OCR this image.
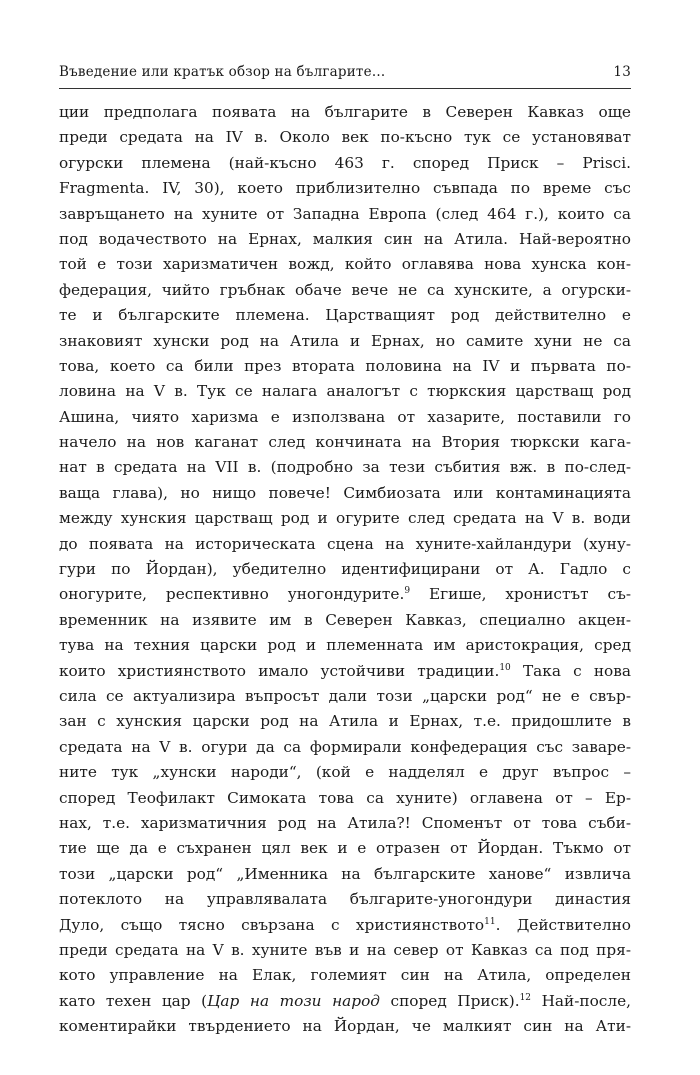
Въведение или кратък обзор на българите…	13
ции предполага появата на българите в Северен Кавказ още
преди средата на IV в. Около век по-късно тук се установяват
огурски племена (най-късно 463 г. според Приск – Prisci.
Fragmenta. IV, 30), което приблизително съвпада по време със
завръщането на хуните от Западна Европа (след 464 г.), които са
под водачеството на Ернах, малкия син на Атила. Най-вероятно
той е този харизматичен вожд, който оглавява нова хунска кон-
федерация, чийто гръбнак обаче вече не са хунските, а огурски-
те и българските племена. Царстващият род действително е
знаковият хунски род на Атила и Ернах, но самите хуни не са
това, което са били през втората половина на IV и първата по-
ловина на V в. Тук се налага аналогът с тюркския царстващ род
Ашина, чиято харизма е използвана от хазарите, поставили го
начело на нов каганат след кончината на Втория тюркски кага-
нат в средата на VII в. (подробно за тези събития вж. в по-след-
ваща глава), но нищо повече! Симбиозата или контаминацията
между хунския царстващ род и огурите след средата на V в. води
до появата на историческата сцена на хуните-хайландури (хуну-
гури по Йордан), убедително идентифицирани от А. Гадло с
оногурите, респективно уногондурите.$^9$ Егише, хронистът съ-
временник на изявите им в Северен Кавказ, специално акцен-
тува на техния царски род и племенната им аристокрация, сред
които християнството имало устойчиви традиции.$^{10}$ Така с нова
сила се актуализира въпросът дали този „царски род“ не е свър-
зан с хунския царски род на Атила и Ернах, т.е. придошлите в
средата на V в. огури да са формирали конфедерация със заваре-
ните тук „хунски народи“, (кой е надделял е друг въпрос –
според Теофилакт Симоката това са хуните) оглавена от – Ер-
нах, т.е. харизматичния род на Атила?! Споменът от това съби-
тие ще да е съхранен цял век и е отразен от Йордан. Тъкмо от
този „царски род“ „Именника на българските ханове“ извлича
потеклото на управлявалата българите-уногондури династия
Дуло, също тясно свързана с християнството$^{11}$. Действително
преди средата на V в. хуните във и на север от Кавказ са под пря-
кото управление на Елак, големият син на Атила, определен
като техен цар (Цар на този народ според Приск).$^{12}$ Най-после,
коментирайки твърдението на Йордан, че малкият син на Ати-
